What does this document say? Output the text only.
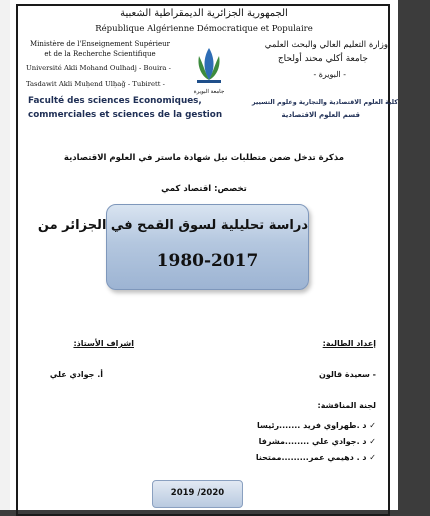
الجمهورية الجزائرية الديمقراطية الشعبية
République Algérienne Démocratique et Populaire
Ministère de l'Enseignement Supérieur
et de la Recherche Scientifique
Université Akli Mohand Oulhadj - Bouira -
Tasdawit Akli Muḥend Ulḥaǧ - Tubirett -
وزارة التعليم العالي والبحث العلمي
جامعة أكلي محند أولحاج
- البويرة -
جامعة البويرة
Faculté des sciences Economiques,
commerciales et sciences de la gestion
كلية العلوم الاقتصادية والتجارية وعلوم التسيير
قسم العلوم الاقتصادية
مذكرة تدخل ضمن متطلبات نيل شهادة ماستر في العلوم الاقتصادية
تخصص: اقتصاد كمي
دراسة تحليلية لسوق القمح في الجزائر من
1980-2017
اشراف الأستاذ:
أ. جوادي علي
إعداد الطالبة:
- سعيدة قالون
لجنة المناقشة:
✓ د .طهراوي فريد .......رئيسا
✓ د .جوادي علي ........مشرفا
✓ د . دهيمي عمر.........ممتحنا
2019 /2020
